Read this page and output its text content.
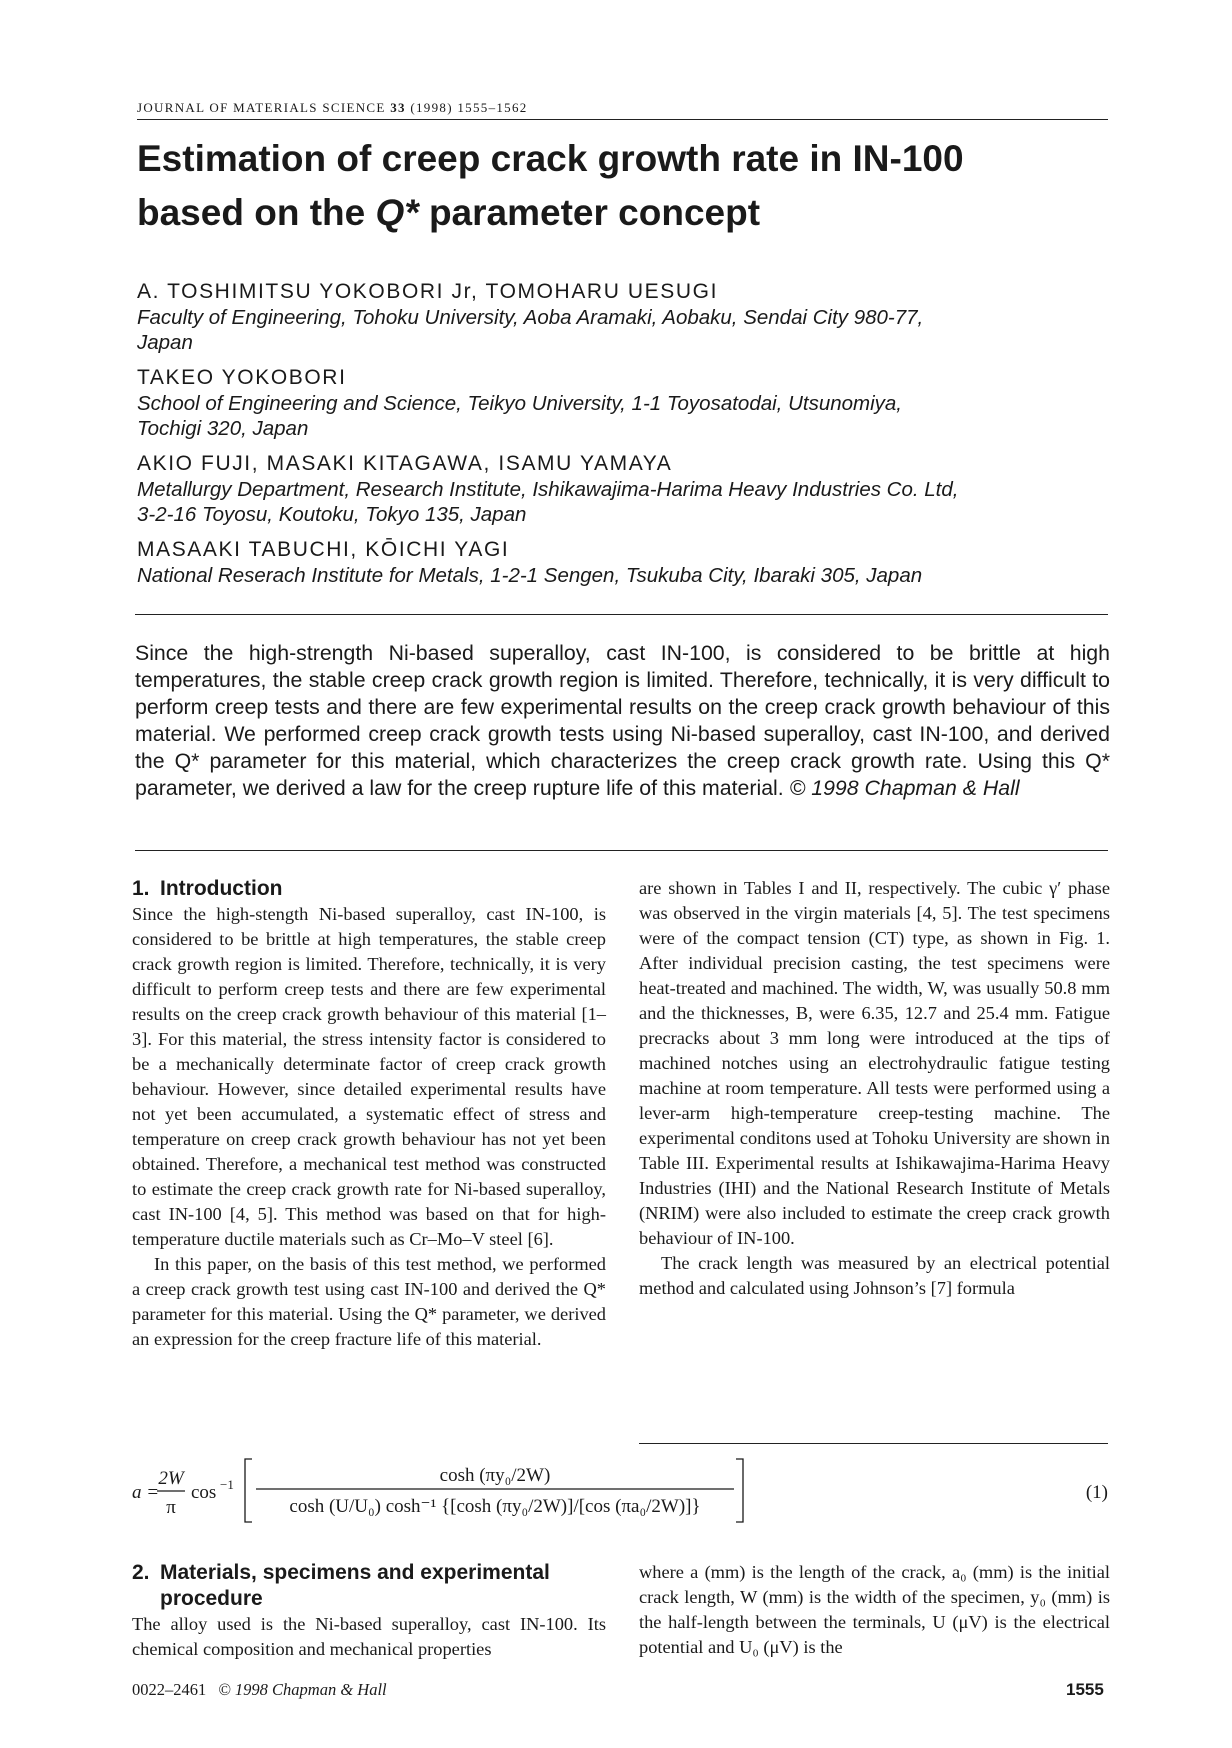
JOURNAL OF MATERIALS SCIENCE 33 (1998) 1555–1562
Estimation of creep crack growth rate in IN-100
based on the Q* parameter concept
A. TOSHIMITSU YOKOBORI Jr, TOMOHARU UESUGI
Faculty of Engineering, Tohoku University, Aoba Aramaki, Aobaku, Sendai City 980-77,
Japan
TAKEO YOKOBORI
School of Engineering and Science, Teikyo University, 1-1 Toyosatodai, Utsunomiya,
Tochigi 320, Japan
AKIO FUJI, MASAKI KITAGAWA, ISAMU YAMAYA
Metallurgy Department, Research Institute, Ishikawajima-Harima Heavy Industries Co. Ltd,
3-2-16 Toyosu, Koutoku, Tokyo 135, Japan
MASAAKI TABUCHI, KŌICHI YAGI
National Reserach Institute for Metals, 1-2-1 Sengen, Tsukuba City, Ibaraki 305, Japan
Since the high-strength Ni-based superalloy, cast IN-100, is considered to be brittle at high temperatures, the stable creep crack growth region is limited. Therefore, technically, it is very difficult to perform creep tests and there are few experimental results on the creep crack growth behaviour of this material. We performed creep crack growth tests using Ni-based superalloy, cast IN-100, and derived the Q* parameter for this material, which characterizes the creep crack growth rate. Using this Q* parameter, we derived a law for the creep rupture life of this material. © 1998 Chapman & Hall
1. Introduction

Since the high-stength Ni-based superalloy, cast IN-100, is considered to be brittle at high temperatures, the stable creep crack growth region is limited. Therefore, technically, it is very difficult to perform creep tests and there are few experimental results on the creep crack growth behaviour of this material [1–3]. For this material, the stress intensity factor is considered to be a mechanically determinate factor of creep crack growth behaviour. However, since detailed experimental results have not yet been accumulated, a systematic effect of stress and temperature on creep crack growth behaviour has not yet been obtained. Therefore, a mechanical test method was constructed to estimate the creep crack growth rate for Ni-based superalloy, cast IN-100 [4, 5]. This method was based on that for high-temperature ductile materials such as Cr–Mo–V steel [6].

In this paper, on the basis of this test method, we performed a creep crack growth test using cast IN-100 and derived the Q* parameter for this material. Using the Q* parameter, we derived an expression for the creep fracture life of this material.

are shown in Tables I and II, respectively. The cubic γ′ phase was observed in the virgin materials [4, 5]. The test specimens were of the compact tension (CT) type, as shown in Fig. 1. After individual precision casting, the test specimens were heat-treated and machined. The width, W, was usually 50.8 mm and the thicknesses, B, were 6.35, 12.7 and 25.4 mm. Fatigue precracks about 3 mm long were introduced at the tips of machined notches using an electrohydraulic fatigue testing machine at room temperature. All tests were performed using a lever-arm high-temperature creep-testing machine. The experimental conditons used at Tohoku University are shown in Table III. Experimental results at Ishikawajima-Harima Heavy Industries (IHI) and the National Research Institute of Metals (NRIM) were also included to estimate the creep crack growth behaviour of IN-100.

The crack length was measured by an electrical potential method and calculated using Johnson’s [7] formula

a =
2W
π
cos −1	cosh (πy₀/2W)
cosh (U/U₀) cosh⁻¹ {[cosh (πy₀/2W)]/[cos (πa₀/2W)]}
(1)
2. Materials, specimens and experimental
procedure

The alloy used is the Ni-based superalloy, cast IN-100. Its chemical composition and mechanical properties

where a (mm) is the length of the crack, a₀ (mm) is the initial crack length, W (mm) is the width of the specimen, y₀ (mm) is the half-length between the terminals, U (μV) is the electrical potential and U₀ (μV) is the

0022–2461 © 1998 Chapman & Hall	1555
